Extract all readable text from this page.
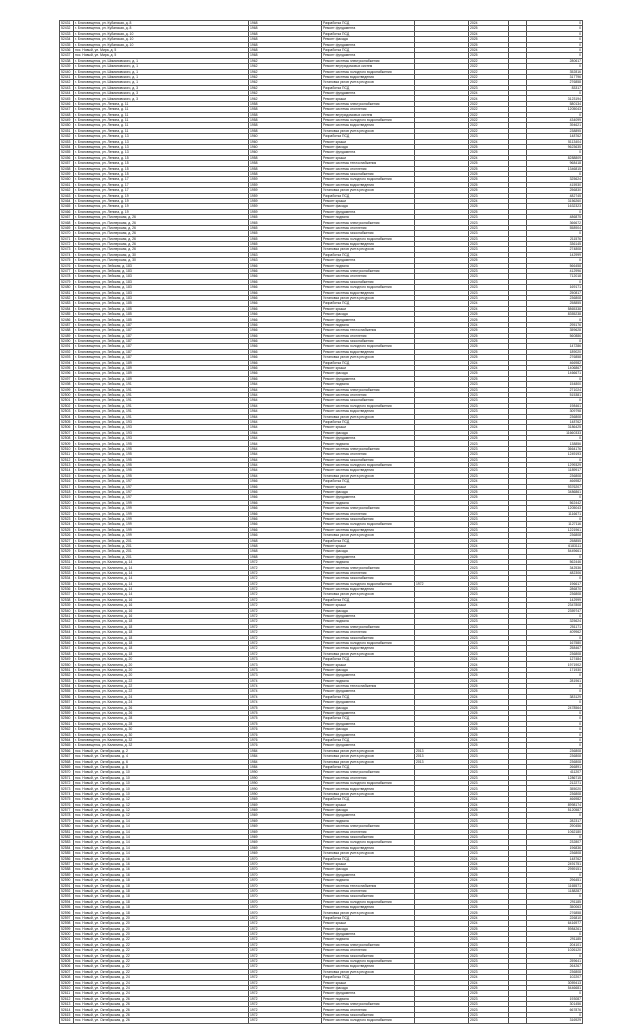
52431	г. Благовещенск, ул. Кубанская, д. 8	1968	Разработка ПСД		2024		0
52432	г. Благовещенск, ул. Кубанская, д. 8	1968	Ремонт фундамента		2025		0
52433	г. Благовещенск, ул. Кубанская, д. 10	1968	Разработка ПСД		2024		0
52434	г. Благовещенск, ул. Кубанская, д. 10	1968	Ремонт фасада		2025		0
52435	г. Благовещенск, ул. Кубанская, д. 10	1968	Ремонт фундамента		2025		0
52436	пос. Новый, ул. Мира, д. 5	1968	Разработка ПСД		2024		0
52437	пос. Новый, ул. Мира, д. 5	1968	Ремонт фундамента		2025		0
52438	г. Благовещенск, ул. Шимановского, д. 1	1962	Ремонт системы электроснабжения		2022		280617
52439	г. Благовещенск, ул. Шимановского, д. 1	1962	Ремонт внутридомовых систем		2022		0
52440	г. Благовещенск, ул. Шимановского, д. 1	1962	Ремонт системы холодного водоснабжения		2022		352816
52441	г. Благовещенск, ул. Шимановского, д. 1	1962	Ремонт системы водоотведения		2022		317796
52442	г. Благовещенск, ул. Шимановского, д. 1	1962	Установка узлов учета ресурсов		2022		276858
52443	г. Благовещенск, ул. Шимановского, д. 3	1962	Разработка ПСД		2023		83317
52444	г. Благовещенск, ул. Шимановского, д. 3	1962	Ремонт фундамента		2024		0
52445	г. Благовещенск, ул. Шимановского, д. 3	1962	Ремонт крыши		2024		3123194
52446	г. Благовещенск, ул. Ленина, д. 11	1958	Ремонт системы электроснабжения		2022		580134
52447	г. Благовещенск, ул. Ленина, д. 11	1958	Ремонт системы отопления		2022		1205043
52448	г. Благовещенск, ул. Ленина, д. 11	1958	Ремонт внутридомовых систем		2022		0
52449	г. Благовещенск, ул. Ленина, д. 11	1958	Ремонт системы холодного водоснабжения		2022		434099
52450	г. Благовещенск, ул. Ленина, д. 11	1958	Ремонт системы водоотведения		2022		394621
52451	г. Благовещенск, ул. Ленина, д. 11	1958	Установка узлов учета ресурсов		2022		238895
52452	г. Благовещенск, ул. Ленина, д. 13	1960	Разработка ПСД		2023		148762
52453	г. Благовещенск, ул. Ленина, д. 13	1960	Ремонт крыши		2024		5113404
52454	г. Благовещенск, ул. Ленина, д. 13	1960	Ремонт фасада		2025		9623635
52455	г. Благовещенск, ул. Ленина, д. 13	1960	Ремонт фундамента		2025		0
52456	г. Благовещенск, ул. Ленина, д. 15	1958	Ремонт крыши		2024		8288809
52457	г. Благовещенск, ул. Ленина, д. 15	1958	Ремонт системы теплоснабжения		2025		968418
52458	г. Благовещенск, ул. Ленина, д. 15	1958	Ремонт системы отопления		2025		1346815
52459	г. Благовещенск, ул. Ленина, д. 15	1958	Ремонт системы газоснабжения		2025		0
52460	г. Благовещенск, ул. Ленина, д. 17	1959	Ремонт системы холодного водоснабжения		2025		325624
52461	г. Благовещенск, ул. Ленина, д. 17	1959	Ремонт системы водоотведения		2025		415930
52462	г. Благовещенск, ул. Ленина, д. 17	1959	Установка узлов учета ресурсов		2025		256830
52463	г. Благовещенск, ул. Ленина, д. 19	1959	Разработка ПСД		2023		482745
52464	г. Благовещенск, ул. Ленина, д. 19	1959	Ремонт крыши		2024		3156260
52465	г. Благовещенск, ул. Ленина, д. 19	1959	Ремонт фасада		2025		1632323
52466	г. Благовещенск, ул. Ленина, д. 19	1959	Ремонт фундамента		2025		0
52467	г. Благовещенск, ул. Пионерская, д. 26	1965	Ремонт подвала		2023		486875
52468	г. Благовещенск, ул. Пионерская, д. 26	1965	Ремонт системы электроснабжения		2023		366672
52469	г. Благовещенск, ул. Пионерская, д. 26	1965	Ремонт системы отопления		2023		558904
52470	г. Благовещенск, ул. Пионерская, д. 26	1965	Ремонт системы газоснабжения		2023		0
52471	г. Благовещенск, ул. Пионерская, д. 26	1965	Ремонт системы холодного водоснабжения		2023		211576
52472	г. Благовещенск, ул. Пионерская, д. 26	1965	Ремонт системы водоотведения		2023		336145
52473	г. Благовещенск, ул. Пионерская, д. 26	1965	Установка узлов учета ресурсов		2023		274808
52474	г. Благовещенск, ул. Пионерская, д. 30	1963	Разработка ПСД		2024		142999
52475	г. Благовещенск, ул. Пионерская, д. 30	1963	Ремонт фундамента		2025		0
52476	г. Благовещенск, ул. Зейская, д. 183	1966	Ремонт подвала		2023		566458
52477	г. Благовещенск, ул. Зейская, д. 183	1966	Ремонт системы электроснабжения		2023		412996
52478	г. Благовещенск, ул. Зейская, д. 183	1966	Ремонт системы отопления		2023		712018
52479	г. Благовещенск, ул. Зейская, д. 183	1966	Ремонт системы газоснабжения		2023		0
52480	г. Благовещенск, ул. Зейская, д. 183	1966	Ремонт системы холодного водоснабжения		2023		169171
52481	г. Благовещенск, ул. Зейская, д. 183	1966	Ремонт системы водоотведения		2023		250817
52482	г. Благовещенск, ул. Зейская, д. 183	1966	Установка узлов учета ресурсов		2023		236808
52483	г. Благовещенск, ул. Зейская, д. 185	1966	Разработка ПСД		2024		258855
52484	г. Благовещенск, ул. Зейская, д. 185	1966	Ремонт крыши		2024		5865338
52485	г. Благовещенск, ул. Зейская, д. 185	1966	Ремонт фасада		2025		8355238
52486	г. Благовещенск, ул. Зейская, д. 185	1966	Ремонт фундамента		2025		0
52487	г. Благовещенск, ул. Зейская, д. 187	1966	Ремонт подвала		2024		295176
52488	г. Благовещенск, ул. Зейская, д. 187	1966	Ремонт системы теплоснабжения		2025		359628
52489	г. Благовещенск, ул. Зейская, д. 187	1966	Ремонт системы отопления		2025		560886
52490	г. Благовещенск, ул. Зейская, д. 187	1966	Ремонт системы газоснабжения		2025		0
52491	г. Благовещенск, ул. Зейская, д. 187	1966	Ремонт системы холодного водоснабжения		2025		147286
52492	г. Благовещенск, ул. Зейская, д. 187	1966	Ремонт системы водоотведения		2025		189020
52493	г. Благовещенск, ул. Зейская, д. 187	1966	Установка узлов учета ресурсов		2025		276858
52494	г. Благовещенск, ул. Зейская, д. 189	1966	Разработка ПСД		2024		466982
52495	г. Благовещенск, ул. Зейская, д. 189	1966	Ремонт крыши		2024		1406867
52496	г. Благовещенск, ул. Зейская, д. 189	1966	Ремонт фасада		2025		1466671
52497	г. Благовещенск, ул. Зейская, д. 189	1966	Ремонт фундамента		2025		0
52498	г. Благовещенск, ул. Зейская, д. 191	1964	Ремонт подвала		2023		154800
52499	г. Благовещенск, ул. Зейская, д. 191	1964	Ремонт системы электроснабжения		2023		271024
52500	г. Благовещенск, ул. Зейская, д. 191	1964	Ремонт системы отопления		2023		515381
52501	г. Благовещенск, ул. Зейская, д. 191	1964	Ремонт системы газоснабжения		2023		0
52502	г. Благовещенск, ул. Зейская, д. 191	1964	Ремонт системы холодного водоснабжения		2023		198461
52503	г. Благовещенск, ул. Зейская, д. 191	1964	Ремонт системы водоотведения		2023		309798
52504	г. Благовещенск, ул. Зейская, д. 191	1964	Установка узлов учета ресурсов		2023		236808
52505	г. Благовещенск, ул. Зейская, д. 193	1964	Разработка ПСД		2024		148762
52506	г. Благовещенск, ул. Зейская, д. 193	1964	Ремонт крыши		2024		3186425
52507	г. Благовещенск, ул. Зейская, д. 193	1964	Ремонт фасада		2025		11660333
52508	г. Благовещенск, ул. Зейская, д. 193	1964	Ремонт фундамента		2025		0
52509	г. Благовещенск, ул. Зейская, д. 195	1964	Ремонт подвала		2023		138856
52510	г. Благовещенск, ул. Зейская, д. 195	1964	Ремонт системы электроснабжения		2023		3664176
52511	г. Благовещенск, ул. Зейская, д. 195	1964	Ремонт системы отопления		2023		1249193
52512	г. Благовещенск, ул. Зейская, д. 195	1964	Ремонт системы газоснабжения		2023		0
52513	г. Благовещенск, ул. Зейская, д. 195	1964	Ремонт системы холодного водоснабжения		2023		1299329
52514	г. Благовещенск, ул. Зейская, д. 195	1964	Ремонт системы водоотведения		2023		1189917
52515	г. Благовещенск, ул. Зейская, д. 195	1964	Установка узлов учета ресурсов		2023		236808
52516	г. Благовещенск, ул. Зейская, д. 197	1966	Разработка ПСД		2024		466982
52517	г. Благовещенск, ул. Зейская, д. 197	1966	Ремонт крыши		2024		9376207
52518	г. Благовещенск, ул. Зейская, д. 197	1966	Ремонт фасада		2025		3486861
52519	г. Благовещенск, ул. Зейская, д. 197	1966	Ремонт фундамента		2025		0
52520	г. Благовещенск, ул. Зейская, д. 199	1966	Ремонт подвала		2023		562442
52521	г. Благовещенск, ул. Зейская, д. 199	1966	Ремонт системы электроснабжения		2023		1205043
52522	г. Благовещенск, ул. Зейская, д. 199	1966	Ремонт системы отопления		2023		1116671
52523	г. Благовещенск, ул. Зейская, д. 199	1966	Ремонт системы газоснабжения		2023		0
52524	г. Благовещенск, ул. Зейская, д. 199	1966	Ремонт системы холодного водоснабжения		2023		1127116
52525	г. Благовещенск, ул. Зейская, д. 199	1966	Ремонт системы водоотведения		2023		1221961
52526	г. Благовещенск, ул. Зейская, д. 199	1966	Установка узлов учета ресурсов		2023		236808
52527	г. Благовещенск, ул. Зейская, д. 201	1968	Разработка ПСД		2024		258855
52528	г. Благовещенск, ул. Зейская, д. 201	1968	Ремонт крыши		2024		6183111
52529	г. Благовещенск, ул. Зейская, д. 201	1968	Ремонт фасада		2025		5449661
52530	г. Благовещенск, ул. Зейская, д. 201	1968	Ремонт фундамента		2025		0
52531	г. Благовещенск, ул. Калинина, д. 14	1972	Ремонт подвала		2023		562446
52532	г. Благовещенск, ул. Калинина, д. 14	1972	Ремонт системы электроснабжения		2023		342536
52533	г. Благовещенск, ул. Калинина, д. 14	1972	Ремонт системы отопления		2023		482306
52534	г. Благовещенск, ул. Калинина, д. 14	1972	Ремонт системы газоснабжения		2023		0
52535	г. Благовещенск, ул. Калинина, д. 14	1972	Ремонт системы холодного водоснабжения	1972	2023		196617
52536	г. Благовещенск, ул. Калинина, д. 14	1972	Ремонт системы водоотведения		2023		286870
52537	г. Благовещенск, ул. Калинина, д. 14	1972	Установка узлов учета ресурсов		2023		236808
52538	г. Благовещенск, ул. Калинина, д. 16	1972	Разработка ПСД		2024		142999
52539	г. Благовещенск, ул. Калинина, д. 16	1972	Ремонт крыши		2024		2347808
52540	г. Благовещенск, ул. Калинина, д. 16	1972	Ремонт фасада		2025		2359747
52541	г. Благовещенск, ул. Калинина, д. 16	1972	Ремонт фундамента		2025		0
52542	г. Благовещенск, ул. Калинина, д. 18	1972	Ремонт подвала		2023		325624
52543	г. Благовещенск, ул. Калинина, д. 18	1972	Ремонт системы электроснабжения		2023		251171
52544	г. Благовещенск, ул. Калинина, д. 18	1972	Ремонт системы отопления		2023		409962
52545	г. Благовещенск, ул. Калинина, д. 18	1972	Ремонт системы газоснабжения		2023		0
52546	г. Благовещенск, ул. Калинина, д. 18	1972	Ремонт системы холодного водоснабжения		2023		167580
52547	г. Благовещенск, ул. Калинина, д. 18	1972	Ремонт системы водоотведения		2023		258467
52548	г. Благовещенск, ул. Калинина, д. 18	1972	Установка узлов учета ресурсов		2023		236808
52549	г. Благовещенск, ул. Калинина, д. 20	1973	Разработка ПСД		2024		127484
52550	г. Благовещенск, ул. Калинина, д. 20	1973	Ремонт крыши		2024		1971902
52551	г. Благовещенск, ул. Калинина, д. 20	1973	Ремонт фасада		2025		171930
52552	г. Благовещенск, ул. Калинина, д. 20	1973	Ремонт фундамента		2025		0
52553	г. Благовещенск, ул. Калинина, д. 22	1974	Ремонт подвала		2024		281961
52554	г. Благовещенск, ул. Калинина, д. 22	1974	Ремонт системы теплоснабжения		2025		0
52555	г. Благовещенск, ул. Калинина, д. 22	1974	Ремонт фундамента		2025		0
52556	г. Благовещенск, ул. Калинина, д. 24	1974	Разработка ПСД		2024		383129
52557	г. Благовещенск, ул. Калинина, д. 24	1974	Ремонт фундамента		2025		0
52558	г. Благовещенск, ул. Калинина, д. 26	1975	Ремонт фасада		2025		2478564
52559	г. Благовещенск, ул. Калинина, д. 26	1975	Ремонт фундамента		2025		0
52560	г. Благовещенск, ул. Калинина, д. 28	1975	Разработка ПСД		2024		0
52561	г. Благовещенск, ул. Калинина, д. 28	1975	Ремонт фундамента		2025		0
52562	г. Благовещенск, ул. Калинина, д. 30	1976	Ремонт фасада		2025		0
52563	г. Благовещенск, ул. Калинина, д. 30	1976	Ремонт фундамента		2025		0
52564	г. Благовещенск, ул. Калинина, д. 32	1976	Разработка ПСД		2024		0
52565	г. Благовещенск, ул. Калинина, д. 32	1976	Ремонт фундамента		2025		0
52566	пос. Новый, ул. Октябрьская, д. 2	1984	Установка узлов учета ресурсов	2013	2023		236808
52567	пос. Новый, ул. Октябрьская, д. 4	1984	Установка узлов учета ресурсов	2013	2023		236808
52568	пос. Новый, ул. Октябрьская, д. 6	1984	Установка узлов учета ресурсов	2013	2023		236808
52569	пос. Новый, ул. Октябрьская, д. 8	1984	Разработка ПСД		2023		266891
52570	пос. Новый, ул. Октябрьская, д. 10	1990	Ремонт системы электроснабжения		2023		411207
52571	пос. Новый, ул. Октябрьская, д. 10	1990	Ремонт системы отопления		2023		1286715
52572	пос. Новый, ул. Октябрьская, д. 10	1990	Ремонт системы холодного водоснабжения		2023		212271
52573	пос. Новый, ул. Октябрьская, д. 10	1990	Ремонт системы водоотведения		2023		355020
52574	пос. Новый, ул. Октябрьская, д. 10	1990	Установка узлов учета ресурсов		2023		236808
52575	пос. Новый, ул. Октябрьская, д. 12	1969	Разработка ПСД		2024		466982
52576	пос. Новый, ул. Октябрьская, д. 12	1969	Ремонт крыши		2024		8998174
52577	пос. Новый, ул. Октябрьская, д. 12	1969	Ремонт фасада		2025		5120587
52578	пос. Новый, ул. Октябрьская, д. 12	1969	Ремонт фундамента		2025		0
52579	пос. Новый, ул. Октябрьская, д. 14	1969	Ремонт подвала		2023		282317
52580	пос. Новый, ул. Октябрьская, д. 14	1969	Ремонт системы электроснабжения		2023		290456
52581	пос. Новый, ул. Октябрьская, д. 14	1969	Ремонт системы отопления		2023		1062180
52582	пос. Новый, ул. Октябрьская, д. 14	1969	Ремонт системы газоснабжения		2023		0
52583	пос. Новый, ул. Октябрьская, д. 14	1969	Ремонт системы холодного водоснабжения		2023		232807
52584	пос. Новый, ул. Октябрьская, д. 14	1969	Ремонт системы водоотведения		2023		196836
52585	пос. Новый, ул. Октябрьская, д. 14	1969	Установка узлов учета ресурсов		2023		236808
52586	пос. Новый, ул. Октябрьская, д. 16	1970	Разработка ПСД		2024		148762
52587	пос. Новый, ул. Октябрьская, д. 16	1970	Ремонт крыши		2024		2491751
52588	пос. Новый, ул. Октябрьская, д. 16	1970	Ремонт фасада		2025		2959151
52589	пос. Новый, ул. Октябрьская, д. 16	1970	Ремонт фундамента		2025		0
52590	пос. Новый, ул. Октябрьская, д. 18	1970	Ремонт подвала		2024		296451
52591	пос. Новый, ул. Октябрьская, д. 18	1970	Ремонт системы теплоснабжения		2025		1165571
52592	пос. Новый, ул. Октябрьская, д. 18	1970	Ремонт системы отопления		2025		1188287
52593	пос. Новый, ул. Октябрьская, д. 18	1970	Ремонт системы газоснабжения		2025		0
52594	пос. Новый, ул. Октябрьская, д. 18	1970	Ремонт системы холодного водоснабжения		2025		291185
52595	пос. Новый, ул. Октябрьская, д. 18	1970	Ремонт системы водоотведения		2025		350063
52596	пос. Новый, ул. Октябрьская, д. 18	1970	Установка узлов учета ресурсов		2025		276858
52597	пос. Новый, ул. Октябрьская, д. 20	1972	Разработка ПСД		2024		226810
52598	пос. Новый, ул. Октябрьская, д. 20	1972	Ремонт крыши		2024		6416977
52599	пос. Новый, ул. Октябрьская, д. 20	1972	Ремонт фасада		2025		5984261
52600	пос. Новый, ул. Октябрьская, д. 20	1972	Ремонт фундамента		2025		0
52601	пос. Новый, ул. Октябрьская, д. 22	1972	Ремонт подвала		2023		291185
52602	пос. Новый, ул. Октябрьская, д. 22	1972	Ремонт системы электроснабжения		2023		204101
52603	пос. Новый, ул. Октябрьская, д. 22	1972	Ремонт системы отопления		2023		1026120
52604	пос. Новый, ул. Октябрьская, д. 22	1972	Ремонт системы газоснабжения		2023		0
52605	пос. Новый, ул. Октябрьская, д. 22	1972	Ремонт системы холодного водоснабжения		2023		259641
52606	пос. Новый, ул. Октябрьская, д. 22	1972	Ремонт системы водоотведения		2023		264267
52607	пос. Новый, ул. Октябрьская, д. 22	1972	Установка узлов учета ресурсов		2023		236808
52608	пос. Новый, ул. Октябрьская, д. 24	1972	Разработка ПСД		2024		102207
52609	пос. Новый, ул. Октябрьская, д. 24	1972	Ремонт крыши		2024		3059413
52610	пос. Новый, ул. Октябрьская, д. 24	1972	Ремонт фасада		2025		5446681
52611	пос. Новый, ул. Октябрьская, д. 24	1972	Ремонт фундамента		2025		0
52612	пос. Новый, ул. Октябрьская, д. 26	1972	Ремонт подвала		2023		193087
52613	пос. Новый, ул. Октябрьская, д. 26	1972	Ремонт системы электроснабжения		2023		301456
52614	пос. Новый, ул. Октябрьская, д. 26	1972	Ремонт системы отопления		2023		667876
52615	пос. Новый, ул. Октябрьская, д. 26	1972	Ремонт системы газоснабжения		2023		0
52616	пос. Новый, ул. Октябрьская, д. 26	1972	Ремонт системы холодного водоснабжения		2023		316929
